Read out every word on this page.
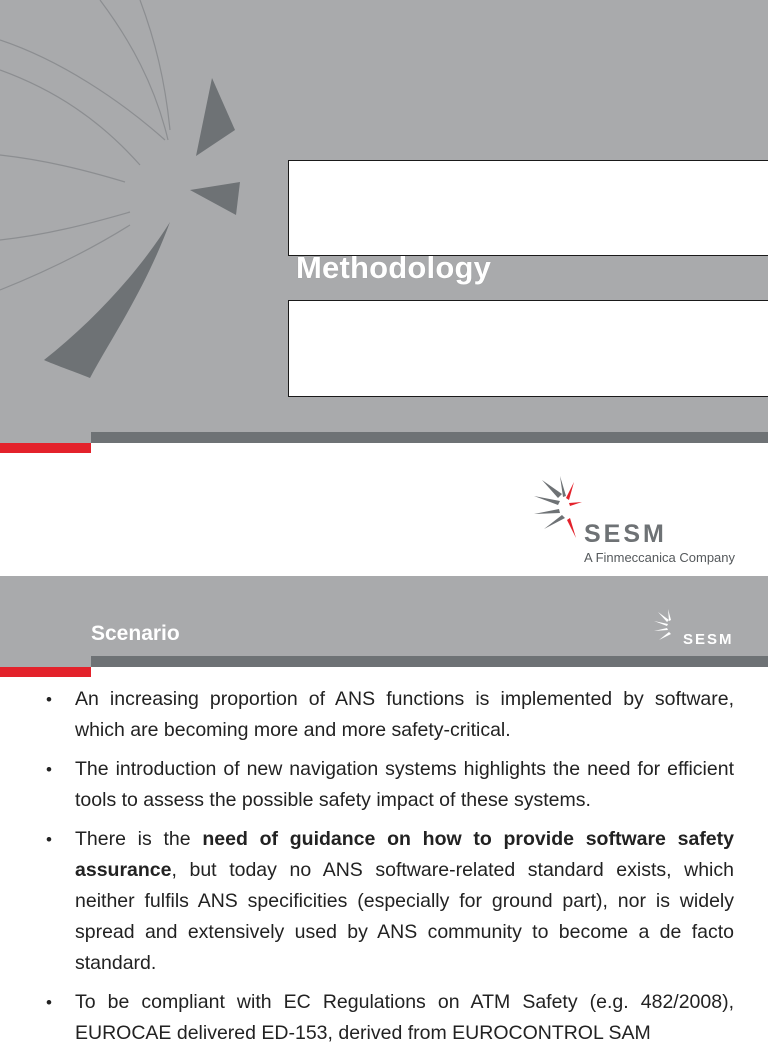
Methodology
SESM
A Finmeccanica Company
Scenario	SESM
• An increasing proportion of ANS functions is implemented by software, which are becoming more and more safety-critical.
• The introduction of new navigation systems highlights the need for efficient tools to assess the possible safety impact of these systems.
• There is the need of guidance on how to provide software safety assurance, but today no ANS software-related standard exists, which neither fulfils ANS specificities (especially for ground part), nor is widely spread and extensively used by ANS community to become a de facto standard.
• To be compliant with EC Regulations on ATM Safety (e.g. 482/2008), EUROCAE delivered ED-153, derived from EUROCONTROL SAM
